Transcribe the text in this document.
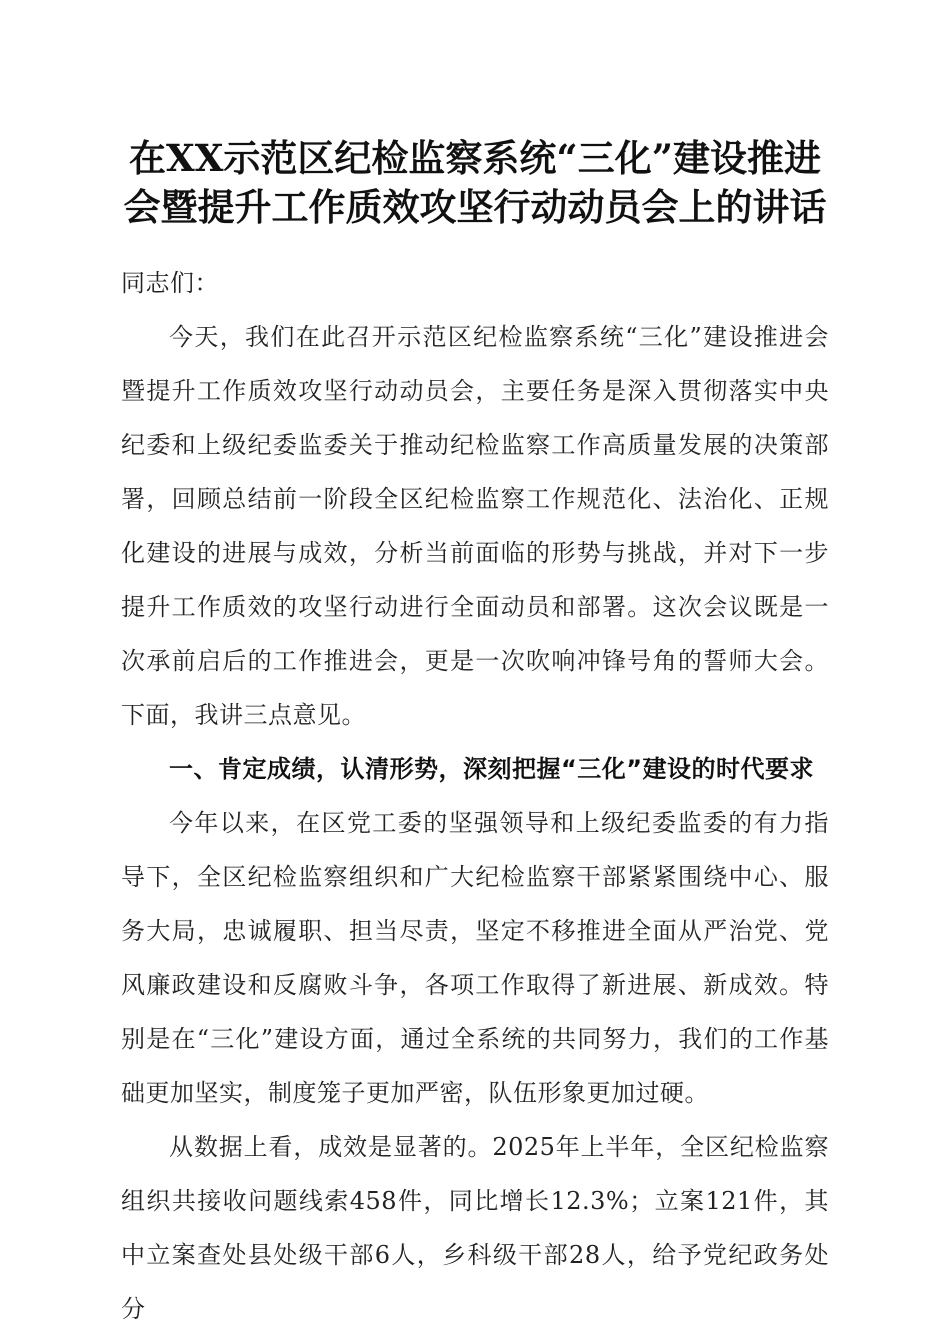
在XX示范区纪检监察系统“三化”建设推进
会暨提升工作质效攻坚行动动员会上的讲话

同志们：

今天，我们在此召开示范区纪检监察系统“三化”建设推进会暨提升工作质效攻坚行动动员会，主要任务是深入贯彻落实中央纪委和上级纪委监委关于推动纪检监察工作高质量发展的决策部署，回顾总结前一阶段全区纪检监察工作规范化、法治化、正规化建设的进展与成效，分析当前面临的形势与挑战，并对下一步提升工作质效的攻坚行动进行全面动员和部署。这次会议既是一次承前启后的工作推进会，更是一次吹响冲锋号角的誓师大会。下面，我讲三点意见。

一、肯定成绩，认清形势，深刻把握“三化”建设的时代要求

今年以来，在区党工委的坚强领导和上级纪委监委的有力指导下，全区纪检监察组织和广大纪检监察干部紧紧围绕中心、服务大局，忠诚履职、担当尽责，坚定不移推进全面从严治党、党风廉政建设和反腐败斗争，各项工作取得了新进展、新成效。特别是在“三化”建设方面，通过全系统的共同努力，我们的工作基础更加坚实，制度笼子更加严密，队伍形象更加过硬。

从数据上看，成效是显著的。2025年上半年，全区纪检监察组织共接收问题线索458件，同比增长12.3%；立案121件，其中立案查处县处级干部6人，乡科级干部28人，给予党纪政务处分
